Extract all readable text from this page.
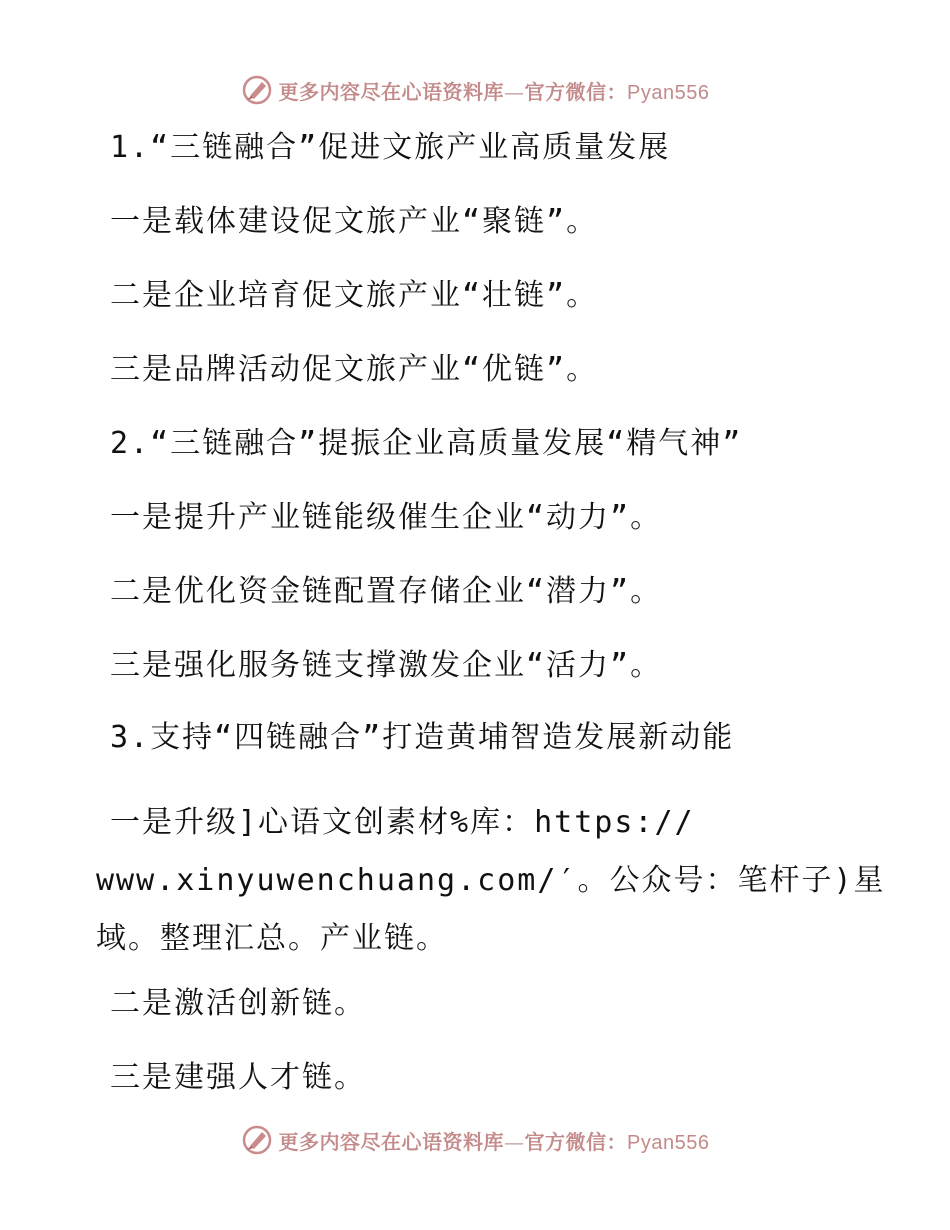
更多内容尽在心语资料库—官方微信：Pyan556
1.“三链融合”促进文旅产业高质量发展
一是载体建设促文旅产业“聚链”。
二是企业培育促文旅产业“壮链”。
三是品牌活动促文旅产业“优链”。
2.“三链融合”提振企业高质量发展“精气神”
一是提升产业链能级催生企业“动力”。
二是优化资金链配置存储企业“潜力”。
三是强化服务链支撑激发企业“活力”。
3.支持“四链融合”打造黄埔智造发展新动能
一是升级]心语文创素材%库：https://
www.xinyuwenchuang.com/′。公众号：笔杆子)星
域。整理汇总。产业链。
二是激活创新链。
三是建强人才链。
更多内容尽在心语资料库—官方微信：Pyan556
